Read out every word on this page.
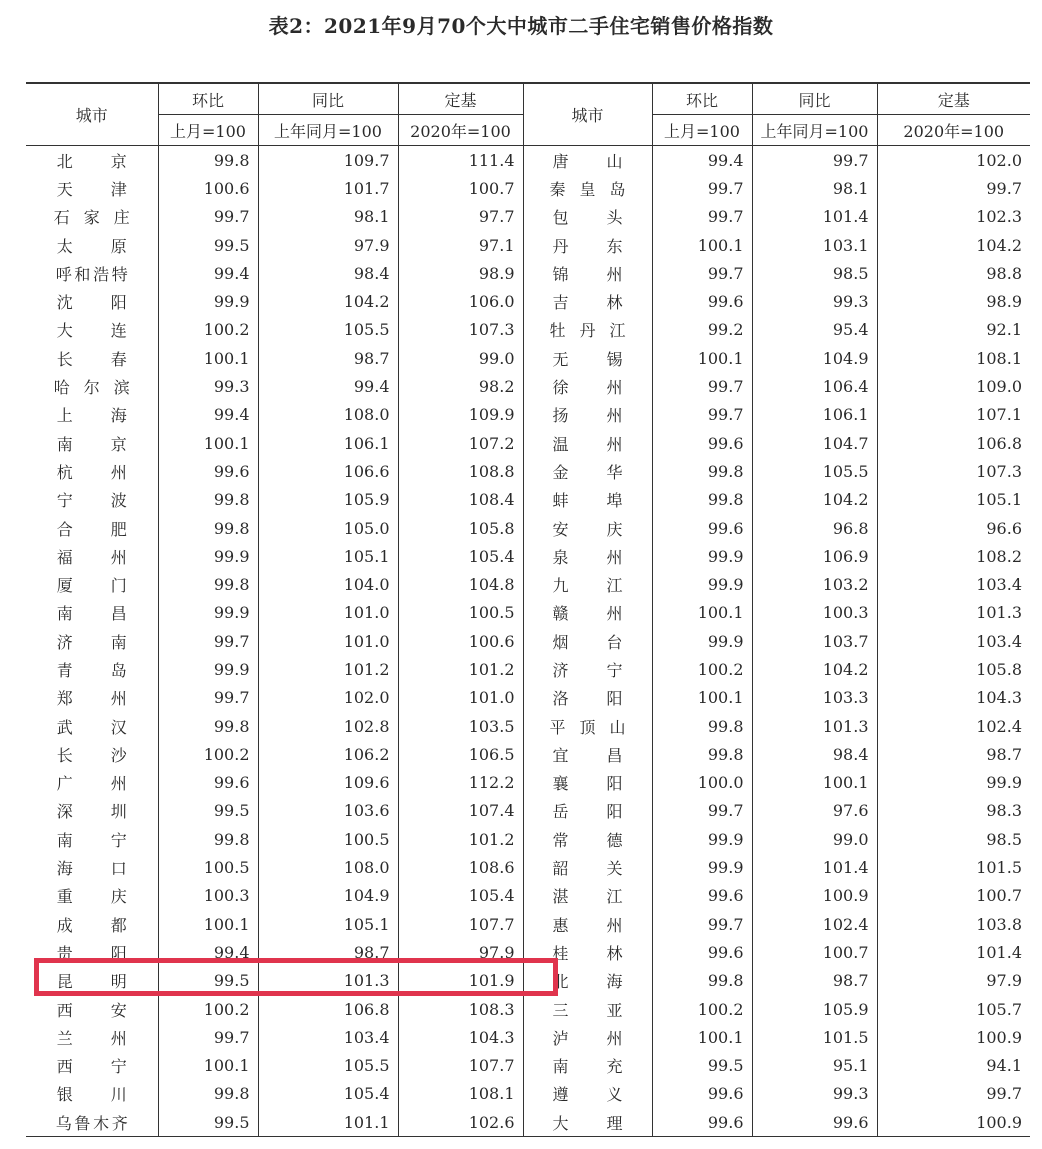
表2：2021年9月70个大中城市二手住宅销售价格指数
城市	环比	同比	定基	城市	环比	同比	定基
	上月=100	上年同月=100	2020年=100		上月=100	上年同月=100	2020年=100
北京	99.8	109.7	111.4	唐山	99.4	99.7	102.0
天津	100.6	101.7	100.7	秦皇岛	99.7	98.1	99.7
石家庄	99.7	98.1	97.7	包头	99.7	101.4	102.3
太原	99.5	97.9	97.1	丹东	100.1	103.1	104.2
呼和浩特	99.4	98.4	98.9	锦州	99.7	98.5	98.8
沈阳	99.9	104.2	106.0	吉林	99.6	99.3	98.9
大连	100.2	105.5	107.3	牡丹江	99.2	95.4	92.1
长春	100.1	98.7	99.0	无锡	100.1	104.9	108.1
哈尔滨	99.3	99.4	98.2	徐州	99.7	106.4	109.0
上海	99.4	108.0	109.9	扬州	99.7	106.1	107.1
南京	100.1	106.1	107.2	温州	99.6	104.7	106.8
杭州	99.6	106.6	108.8	金华	99.8	105.5	107.3
宁波	99.8	105.9	108.4	蚌埠	99.8	104.2	105.1
合肥	99.8	105.0	105.8	安庆	99.6	96.8	96.6
福州	99.9	105.1	105.4	泉州	99.9	106.9	108.2
厦门	99.8	104.0	104.8	九江	99.9	103.2	103.4
南昌	99.9	101.0	100.5	赣州	100.1	100.3	101.3
济南	99.7	101.0	100.6	烟台	99.9	103.7	103.4
青岛	99.9	101.2	101.2	济宁	100.2	104.2	105.8
郑州	99.7	102.0	101.0	洛阳	100.1	103.3	104.3
武汉	99.8	102.8	103.5	平顶山	99.8	101.3	102.4
长沙	100.2	106.2	106.5	宜昌	99.8	98.4	98.7
广州	99.6	109.6	112.2	襄阳	100.0	100.1	99.9
深圳	99.5	103.6	107.4	岳阳	99.7	97.6	98.3
南宁	99.8	100.5	101.2	常德	99.9	99.0	98.5
海口	100.5	108.0	108.6	韶关	99.9	101.4	101.5
重庆	100.3	104.9	105.4	湛江	99.6	100.9	100.7
成都	100.1	105.1	107.7	惠州	99.7	102.4	103.8
贵阳	99.4	98.7	97.9	桂林	99.6	100.7	101.4
昆明	99.5	101.3	101.9	北海	99.8	98.7	97.9
西安	100.2	106.8	108.3	三亚	100.2	105.9	105.7
兰州	99.7	103.4	104.3	泸州	100.1	101.5	100.9
西宁	100.1	105.5	107.7	南充	99.5	95.1	94.1
银川	99.8	105.4	108.1	遵义	99.6	99.3	99.7
乌鲁木齐	99.5	101.1	102.6	大理	99.6	99.6	100.9
